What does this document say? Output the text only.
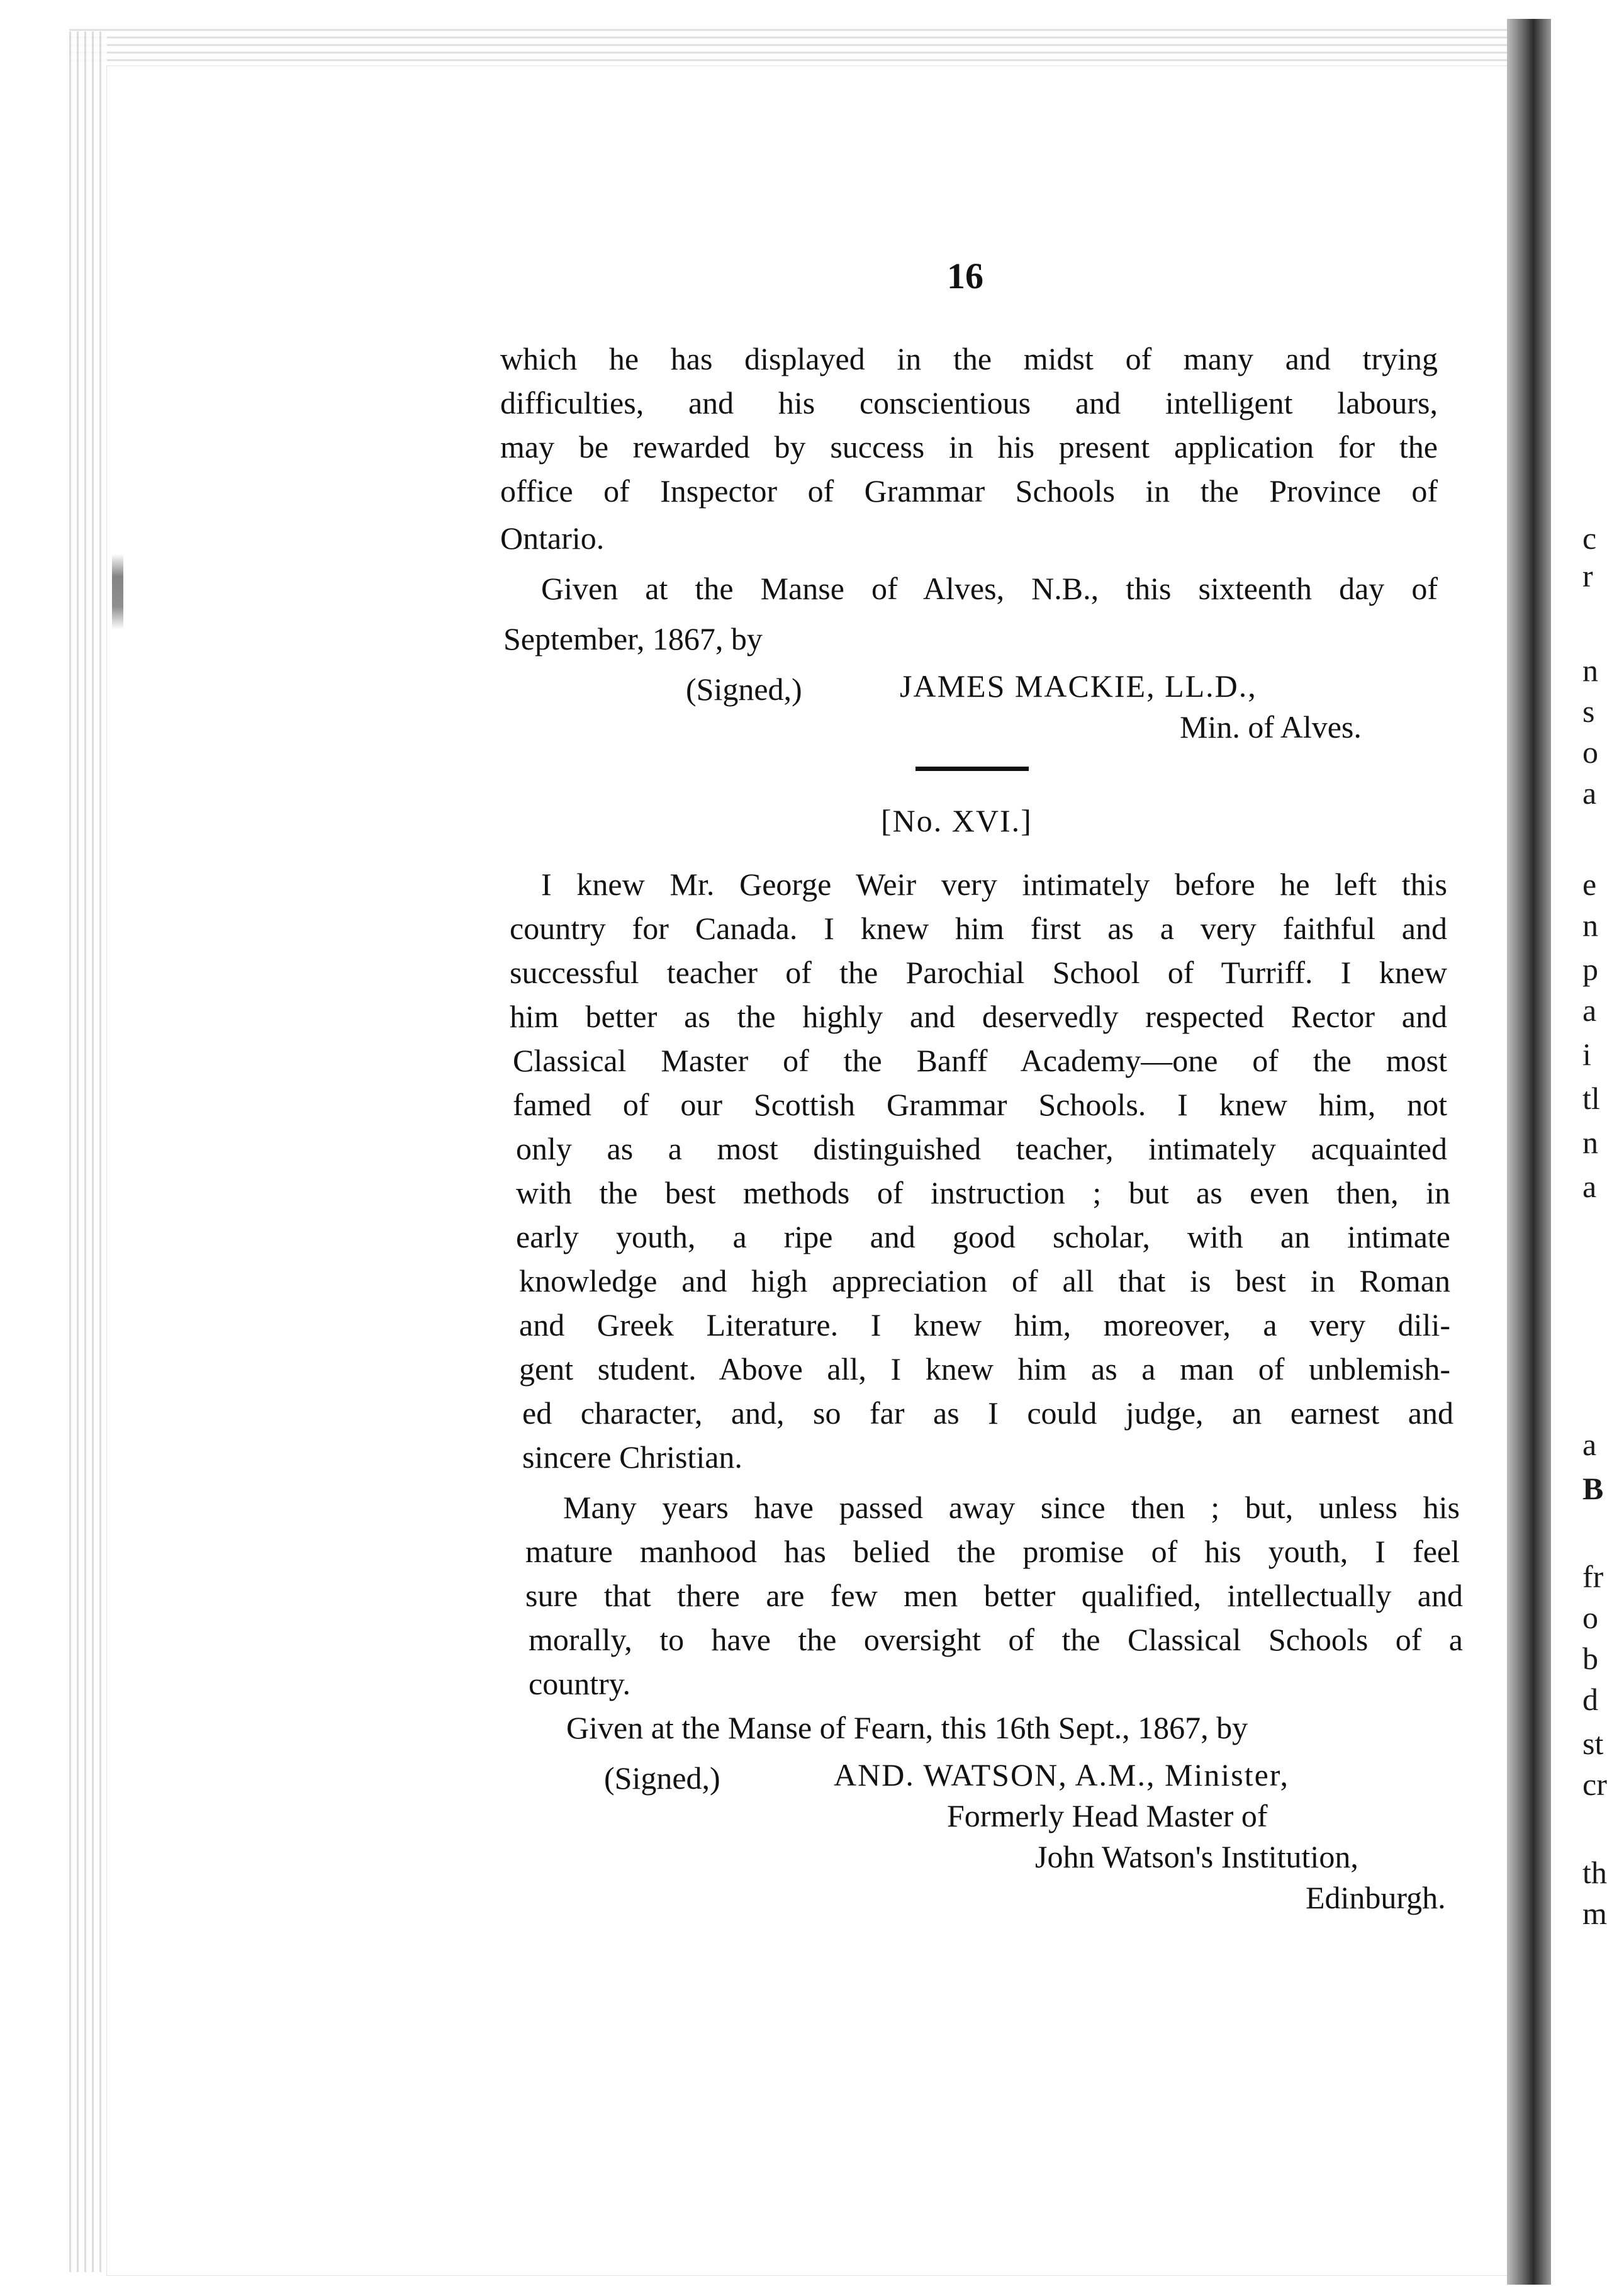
c
r
n
s
o
a
e
n
p
a
i
tl
n
a
a
B
fr
o
b
d
st
cr
th
m
16
which he has displayed in the midst of many and trying
difficulties, and his conscientious and intelligent labours,
may be rewarded by success in his present application for the
office of Inspector of Grammar Schools in the Province of
Ontario.
Given at the Manse of Alves, N.B., this sixteenth day of
September, 1867, by
(Signed,)	JAMES MACKIE, LL.D.,
Min. of Alves.
[No. XVI.]
I knew Mr. George Weir very intimately before he left this
country for Canada. I knew him first as a very faithful and
successful teacher of the Parochial School of Turriff. I knew
him better as the highly and deservedly respected Rector and
Classical Master of the Banff Academy—one of the most
famed of our Scottish Grammar Schools. I knew him, not
only as a most distinguished teacher, intimately acquainted
with the best methods of instruction ; but as even then, in
early youth, a ripe and good scholar, with an intimate
knowledge and high appreciation of all that is best in Roman
and Greek Literature. I knew him, moreover, a very dili-
gent student. Above all, I knew him as a man of unblemish-
ed character, and, so far as I could judge, an earnest and
sincere Christian.
Many years have passed away since then ; but, unless his
mature manhood has belied the promise of his youth, I feel
sure that there are few men better qualified, intellectually and
morally, to have the oversight of the Classical Schools of a
country.
Given at the Manse of Fearn, this 16th Sept., 1867, by
(Signed,)	AND. WATSON, A.M., Minister,
Formerly Head Master of
John Watson's Institution,
Edinburgh.
